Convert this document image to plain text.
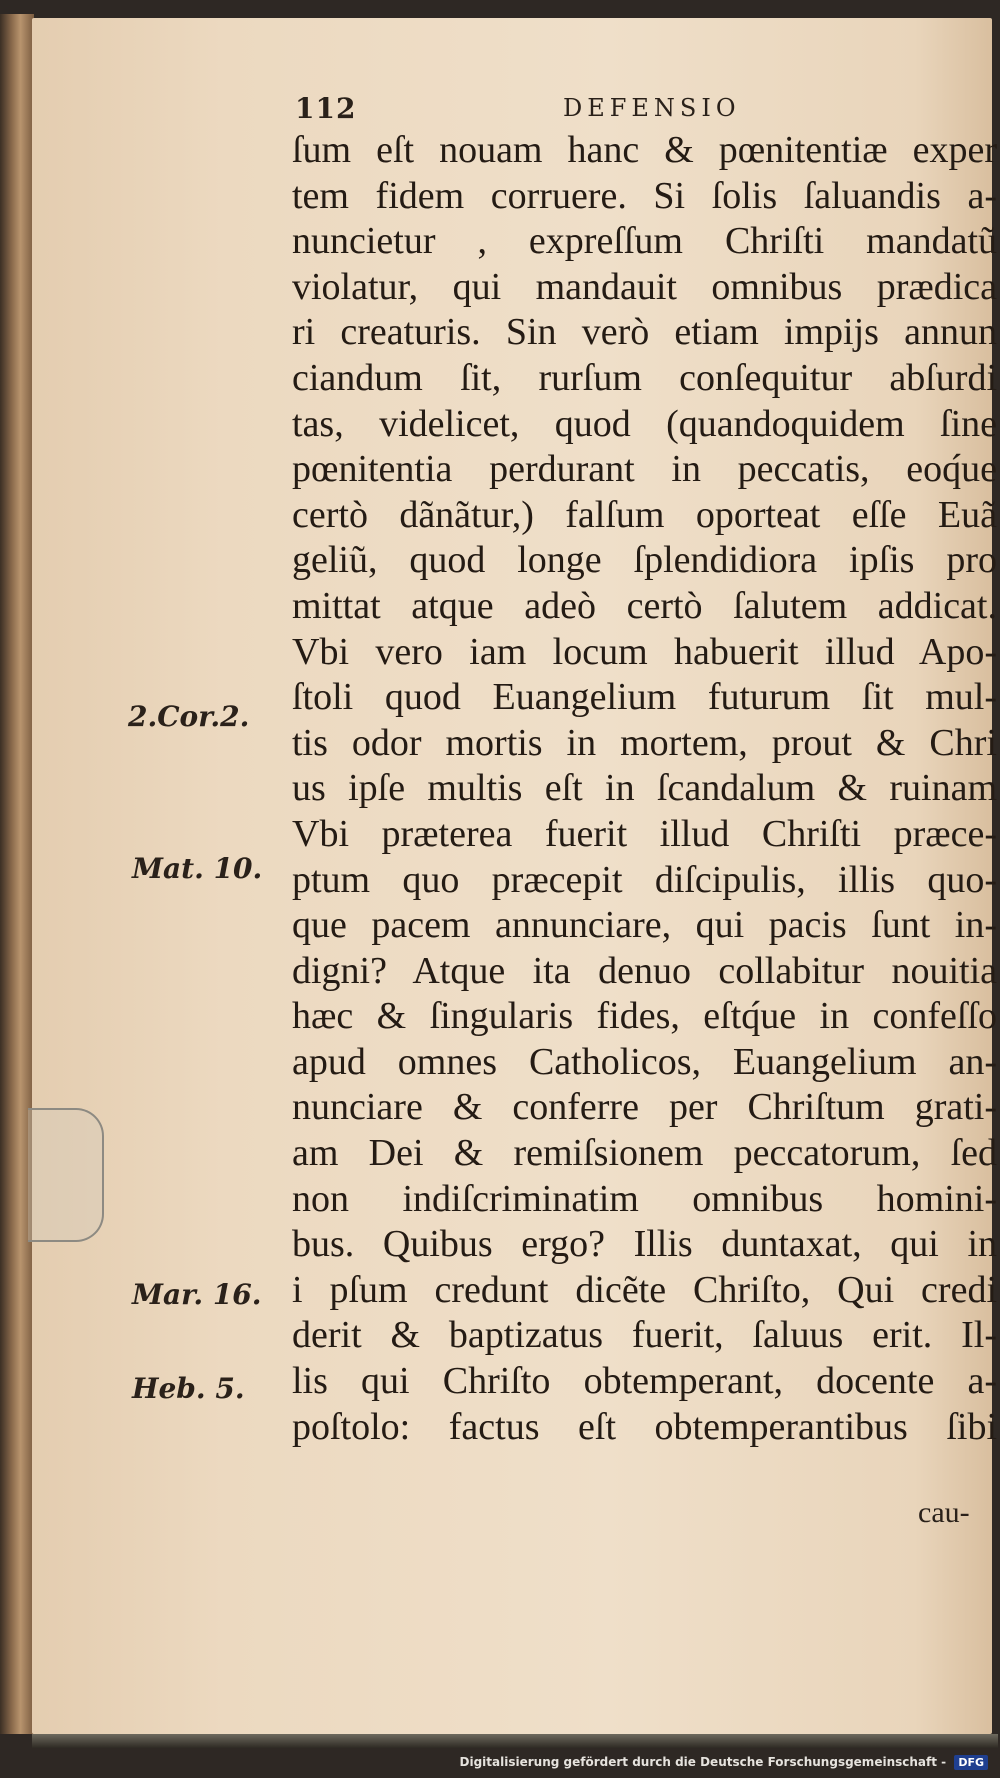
112	DEFENSIO
ſum eſt nouam hanc & pœnitentiæ exper
tem fidem corruere. Si ſolis ſaluandis a-
nuncietur , expreſſum Chriſti mandatũ
violatur, qui mandauit omnibus prædica
ri creaturis. Sin verò etiam impijs annun
ciandum ſit, rurſum conſequitur abſurdi
tas, videlicet, quod (quandoquidem ſine
pœnitentia perdurant in peccatis, eoq́ue
certò dãnãtur,) falſum oporteat eſſe Euã
geliũ, quod longe ſplendidiora ipſis pro
mittat atque adeò certò ſalutem addicat.
Vbi vero iam locum habuerit illud Apo-
ſtoli quod Euangelium futurum ſit mul-
tis odor mortis in mortem, prout & Chri
us ipſe multis eſt in ſcandalum & ruinam
Vbi præterea fuerit illud Chriſti præce-
ptum quo præcepit diſcipulis, illis quo-
que pacem annunciare, qui pacis ſunt in-
digni? Atque ita denuo collabitur nouitia
hæc & ſingularis fides, eſtq́ue in confeſſo
apud omnes Catholicos, Euangelium an-
nunciare & conferre per Chriſtum grati-
am Dei & remiſsionem peccatorum, ſed
non indiſcriminatim omnibus homini-
bus. Quibus ergo? Illis duntaxat, qui in
i pſum credunt dicẽte Chriſto, Qui credi
derit & baptizatus fuerit, ſaluus erit. Il-
lis qui Chriſto obtemperant, docente a-
poſtolo: factus eſt obtemperantibus ſibi
cau-
2.Cor.2.
Mat. 10.
Mar. 16.
Heb. 5.
Digitalisierung gefördert durch die Deutsche Forschungsgemeinschaft - DFG
